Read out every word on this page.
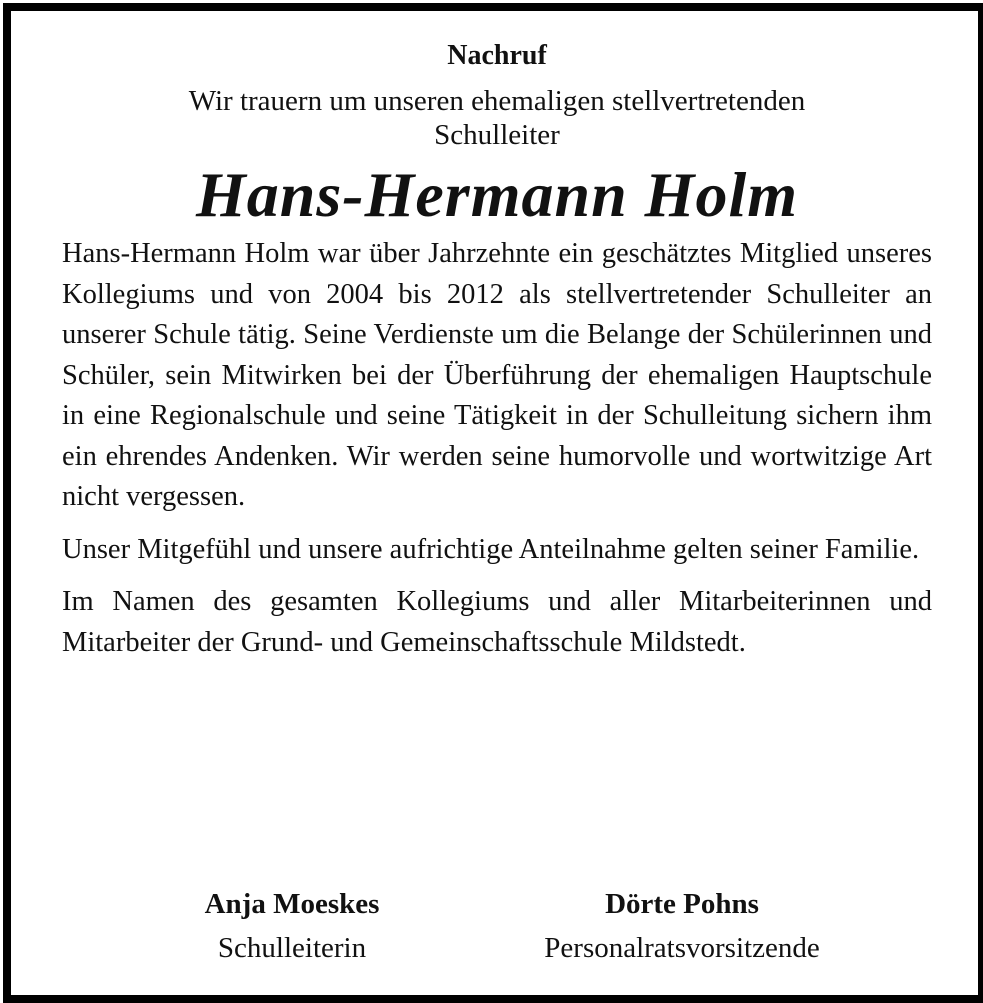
Nachruf
Wir trauern um unseren ehemaligen stellvertretenden
Schulleiter
Hans-Hermann Holm

Hans-Hermann Holm war über Jahrzehnte ein geschätztes Mitglied unseres Kollegiums und von 2004 bis 2012 als stellvertretender Schulleiter an unserer Schule tätig. Seine Verdienste um die Belange der Schülerinnen und Schüler, sein Mitwirken bei der Überführung der ehemaligen Hauptschule in eine Regionalschule und seine Tätigkeit in der Schulleitung sichern ihm ein ehrendes Andenken. Wir werden seine humorvolle und wortwitzige Art nicht vergessen.

Unser Mitgefühl und unsere aufrichtige Anteilnahme gelten seiner Familie.

Im Namen des gesamten Kollegiums und aller Mitarbeiterinnen und Mitarbeiter der Grund- und Gemeinschaftsschule Mildstedt.

Anja Moeskes
Schulleiterin
Dörte Pohns
Personalratsvorsitzende
